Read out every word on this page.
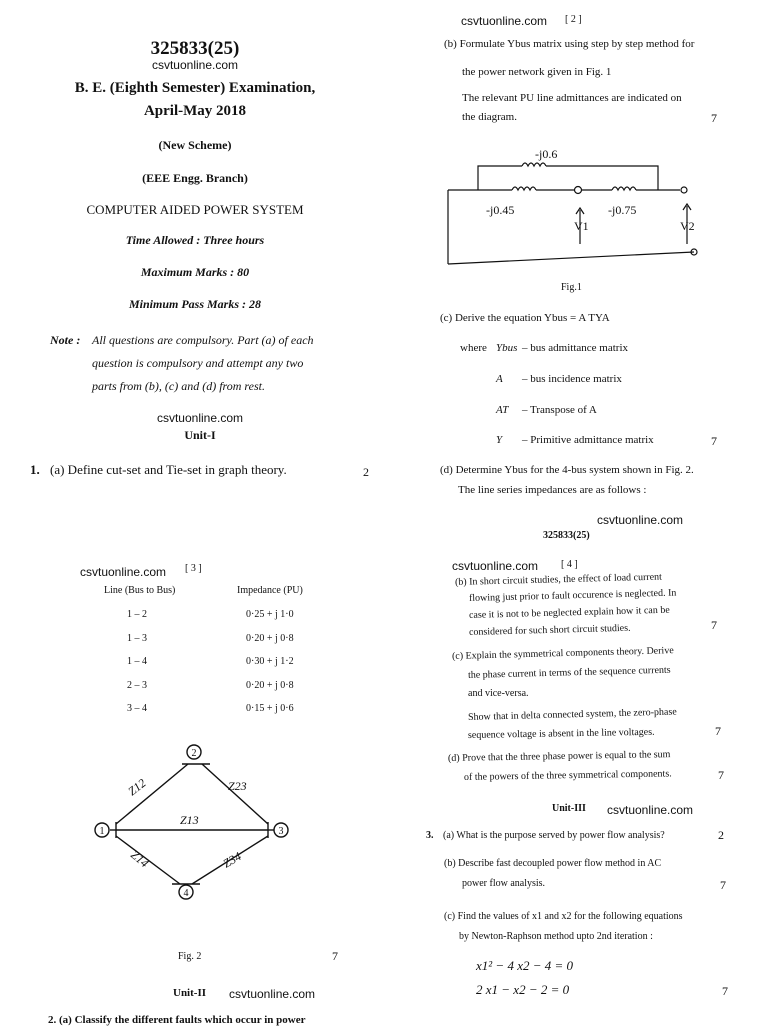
325833(25)
csvtuonline.com
B. E. (Eighth Semester) Examination,
April-May 2018
(New Scheme)
(EEE Engg. Branch)
COMPUTER AIDED POWER SYSTEM
Time Allowed : Three hours
Maximum Marks : 80
Minimum Pass Marks : 28
Note : All questions are compulsory. Part (a) of each
question is compulsory and attempt any two
parts from (b), (c) and (d) from rest.
csvtuonline.com
Unit-I
1. (a) Define cut-set and Tie-set in graph theory.	2
csvtuonline.com [ 3 ]
Line (Bus to Bus)	Impedance (PU)
1 – 2	0·25 + j 1·0
1 – 3	0·20 + j 0·8
1 – 4	0·30 + j 1·2
2 – 3	0·20 + j 0·8
3 – 4	0·15 + j 0·6
2
1	3
4
Z12	Z23
Z13
Z14	Z34
Fig. 2	7
Unit-II csvtuonline.com
2. (a) Classify the different faults which occur in power
csvtuonline.com [ 2 ]
(b) Formulate Ybus matrix using step by step method for
the power network given in Fig. 1
The relevant PU line admittances are indicated on
the diagram.	7
-j0.6
-j0.45	-j0.75
V1	V2
Fig.1
(c) Derive the equation Ybus = A TYA
where Ybus – bus admittance matrix
A – bus incidence matrix
AT – Transpose of A
Y – Primitive admittance matrix	7
(d) Determine Ybus for the 4-bus system shown in Fig. 2.
The line series impedances are as follows :
csvtuonline.com
325833(25)
csvtuonline.com [ 4 ]
(b) In short circuit studies, the effect of load current
flowing just prior to fault occurence is neglected. In
case it is not to be neglected explain how it can be
considered for such short circuit studies.	7
(c) Explain the symmetrical components theory. Derive
the phase current in terms of the sequence currents
and vice-versa.
Show that in delta connected system, the zero-phase
sequence voltage is absent in the line voltages.	7
(d) Prove that the three phase power is equal to the sum
of the powers of the three symmetrical components.	7
Unit-III csvtuonline.com
3. (a) What is the purpose served by power flow analysis?	2
(b) Describe fast decoupled power flow method in AC
power flow analysis.	7
(c) Find the values of x1 and x2 for the following equations
by Newton-Raphson method upto 2nd iteration :
x1² − 4 x2 − 4 = 0
2 x1 − x2 − 2 = 0	7
